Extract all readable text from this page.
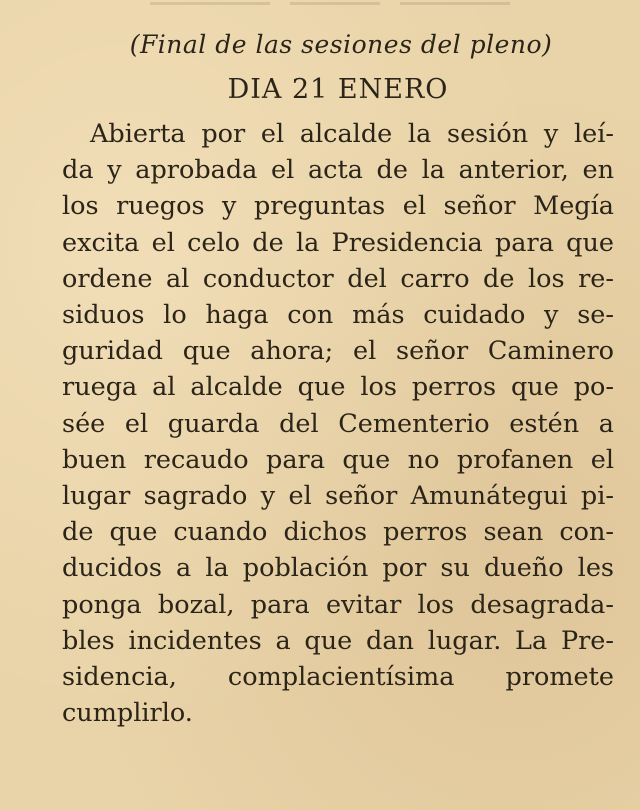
(Final de las sesiones del pleno)

DIA 21 ENERO
Abierta por el alcalde la sesión y leí-
da y aprobada el acta de la anterior, en
los ruegos y preguntas el señor Megía
excita el celo de la Presidencia para que
ordene al conductor del carro de los re-
siduos lo haga con más cuidado y se-
guridad que ahora; el señor Caminero
ruega al alcalde que los perros que po-
sée el guarda del Cementerio estén a
buen recaudo para que no profanen el
lugar sagrado y el señor Amunátegui pi-
de que cuando dichos perros sean con-
ducidos a la población por su dueño les
ponga bozal, para evitar los desagrada-
bles incidentes a que dan lugar. La Pre-
sidencia, complacientísima promete
cumplirlo.
